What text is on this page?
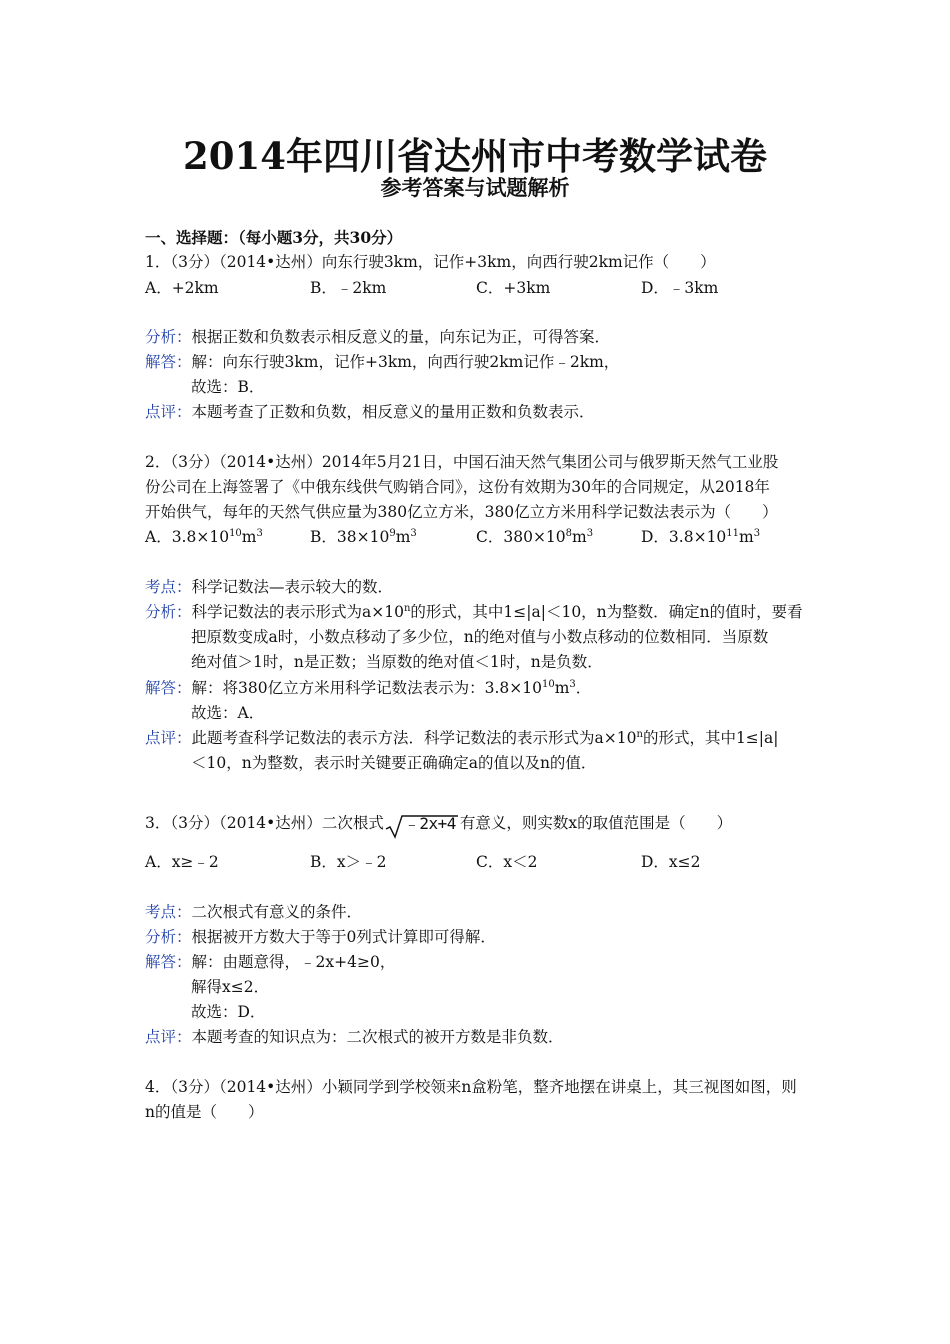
2014年四川省达州市中考数学试卷
参考答案与试题解析
一、选择题：（每小题3分，共30分）
1．（3分）（2014•达州）向东行驶3km，记作+3km，向西行驶2km记作（　　）
A．+2km	B．﹣2km	C．+3km	D．﹣3km
分析：根据正数和负数表示相反意义的量，向东记为正，可得答案．
解答：解：向东行驶3km，记作+3km，向西行驶2km记作﹣2km，
故选：B．
点评：本题考查了正数和负数，相反意义的量用正数和负数表示．
2．（3分）（2014•达州）2014年5月21日，中国石油天然气集团公司与俄罗斯天然气工业股
份公司在上海签署了《中俄东线供气购销合同》，这份有效期为30年的合同规定，从2018年
开始供气，每年的天然气供应量为380亿立方米，380亿立方米用科学记数法表示为（　　）
A．$3.8\times 10^{10}m^3$	B．$38\times 10^9m^3$	C．$380\times 10^8m^3$	D．$3.8\times 10^{11}m^3$
考点：科学记数法—表示较大的数．
分析：科学记数法的表示形式为$a\times 10^n$的形式，其中1≤|a|＜10，n为整数．确定n的值时，要看
把原数变成a时，小数点移动了多少位，n的绝对值与小数点移动的位数相同．当原数
绝对值＞1时，n是正数；当原数的绝对值＜1时，n是负数．
解答：解：将380亿立方米用科学记数法表示为：$3.8\times 10^{10}m^3$．
故选：A．
点评：此题考查科学记数法的表示方法．科学记数法的表示形式为$a\times 10^n$的形式，其中1≤|a|
＜10，n为整数，表示时关键要正确确定a的值以及n的值．
3．（3分）（2014•达州）二次根式 ﹣2x+4 有意义，则实数x的取值范围是（　　）
A．x≥﹣2	B．x＞﹣2	C．x＜2	D．x≤2
考点：二次根式有意义的条件．
分析：根据被开方数大于等于0列式计算即可得解．
解答：解：由题意得，﹣2x+4≥0，
解得x≤2．
故选：D．
点评：本题考查的知识点为：二次根式的被开方数是非负数．
4．（3分）（2014•达州）小颖同学到学校领来n盒粉笔，整齐地摆在讲桌上，其三视图如图，则
n的值是（　　）
